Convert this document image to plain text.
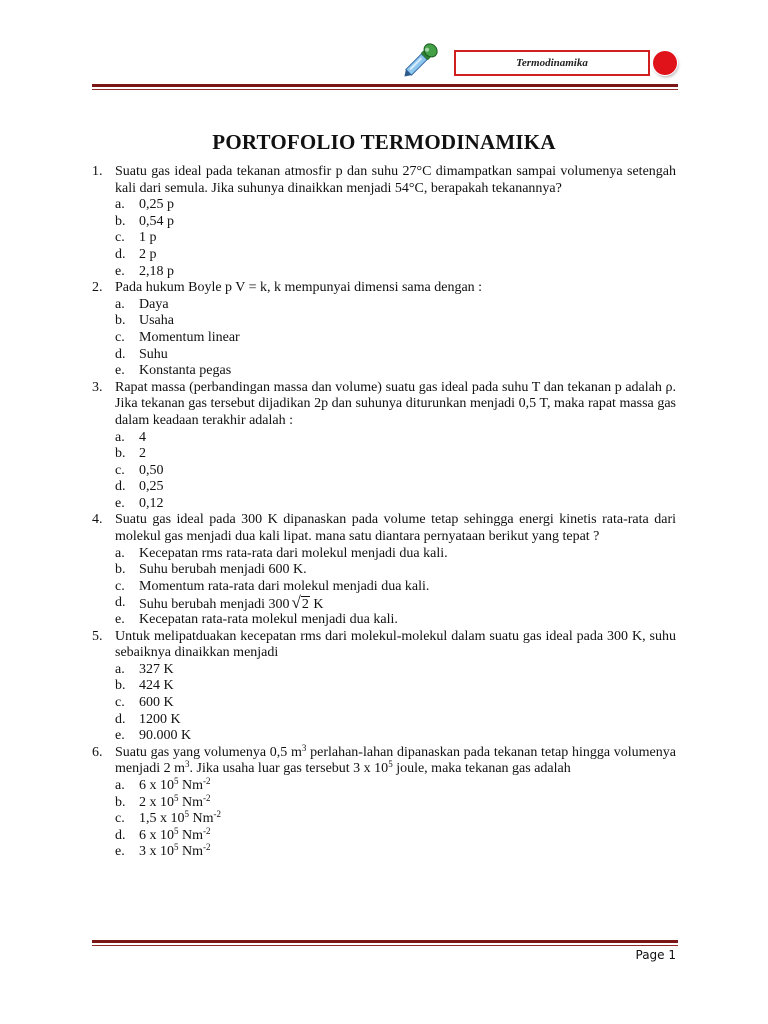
Termodinamika
PORTOFOLIO TERMODINAMIKA
1. Suatu gas ideal pada tekanan atmosfir p dan suhu 27°C dimampatkan sampai volumenya setengah kali dari semula. Jika suhunya dinaikkan menjadi 54°C, berapakah tekanannya?
a. 0,25 p
b. 0,54 p
c. 1 p
d. 2 p
e. 2,18 p
2. Pada hukum Boyle p V = k, k mempunyai dimensi sama dengan :
a. Daya
b. Usaha
c. Momentum linear
d. Suhu
e. Konstanta pegas
3. Rapat massa (perbandingan massa dan volume) suatu gas ideal pada suhu T dan tekanan p adalah ρ. Jika tekanan gas tersebut dijadikan 2p dan suhunya diturunkan menjadi 0,5 T, maka rapat massa gas dalam keadaan terakhir adalah :
a. 4
b. 2
c. 0,50
d. 0,25
e. 0,12
4. Suatu gas ideal pada 300 K dipanaskan pada volume tetap sehingga energi kinetis rata-rata dari molekul gas menjadi dua kali lipat. mana satu diantara pernyataan berikut yang tepat ?
a. Kecepatan rms rata-rata dari molekul menjadi dua kali.
b. Suhu berubah menjadi 600 K.
c. Momentum rata-rata dari molekul menjadi dua kali.
d. Suhu berubah menjadi 300 √2 K
e. Kecepatan rata-rata molekul menjadi dua kali.
5. Untuk melipatduakan kecepatan rms dari molekul-molekul dalam suatu gas ideal pada 300 K, suhu sebaiknya dinaikkan menjadi
a. 327 K
b. 424 K
c. 600 K
d. 1200 K
e. 90.000 K
6. Suatu gas yang volumenya 0,5 $m^3$ perlahan-lahan dipanaskan pada tekanan tetap hingga volumenya menjadi 2 $m^3$. Jika usaha luar gas tersebut 3 x $10^5$ joule, maka tekanan gas adalah
a. 6 x $10^5$ $Nm^{-2}$
b. 2 x $10^5$ $Nm^{-2}$
c. 1,5 x $10^5$ $Nm^{-2}$
d. 6 x $10^5$ $Nm^{-2}$
e. 3 x $10^5$ $Nm^{-2}$
Page 1
